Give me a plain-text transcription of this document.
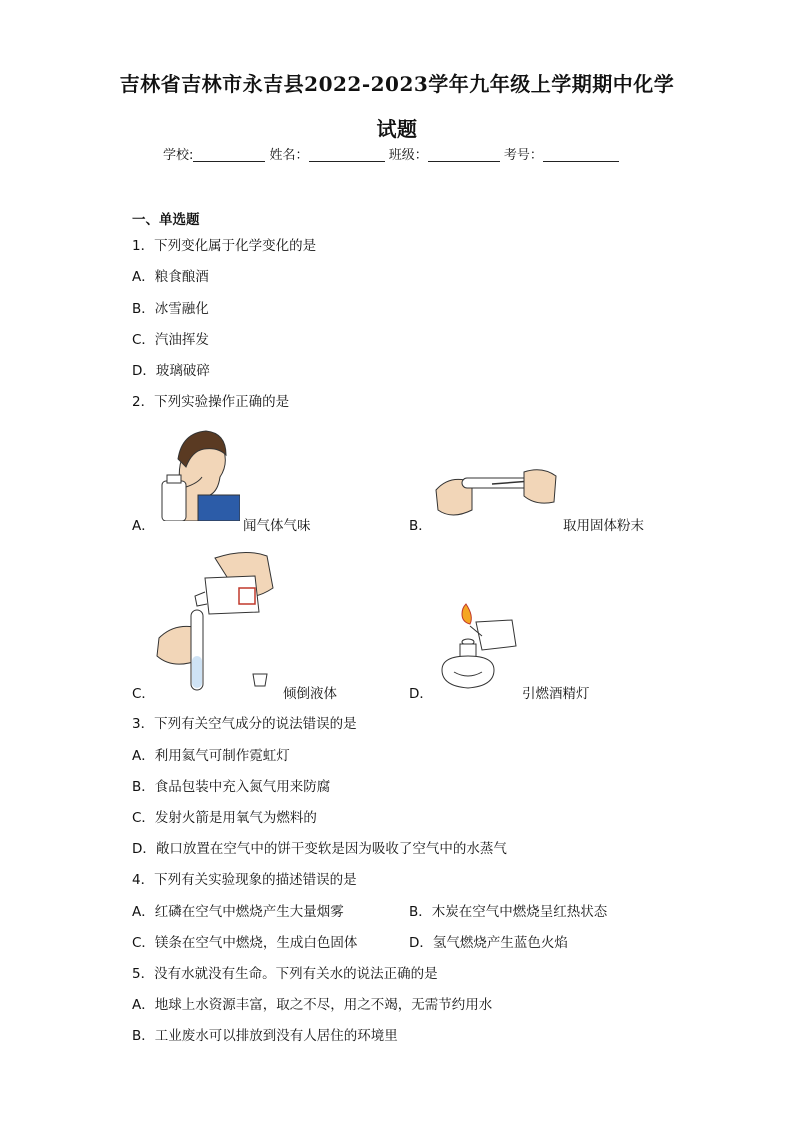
吉林省吉林市永吉县2022-2023学年九年级上学期期中化学
试题
学校:	姓名：	班级：	考号：
一、单选题
1．下列变化属于化学变化的是
A．粮食酿酒
B．冰雪融化
C．汽油挥发
D．玻璃破碎
2．下列实验操作正确的是
A．	闻气体气味	B．	取用固体粉末
C．	倾倒液体	D．	引燃酒精灯
3．下列有关空气成分的说法错误的是
A．利用氦气可制作霓虹灯
B．食品包装中充入氮气用来防腐
C．发射火箭是用氧气为燃料的
D．敞口放置在空气中的饼干变软是因为吸收了空气中的水蒸气
4．下列有关实验现象的描述错误的是
A．红磷在空气中燃烧产生大量烟雾	B．木炭在空气中燃烧呈红热状态
C．镁条在空气中燃烧，生成白色固体	D．氢气燃烧产生蓝色火焰
5．没有水就没有生命。下列有关水的说法正确的是
A．地球上水资源丰富，取之不尽，用之不竭，无需节约用水
B．工业废水可以排放到没有人居住的环境里
